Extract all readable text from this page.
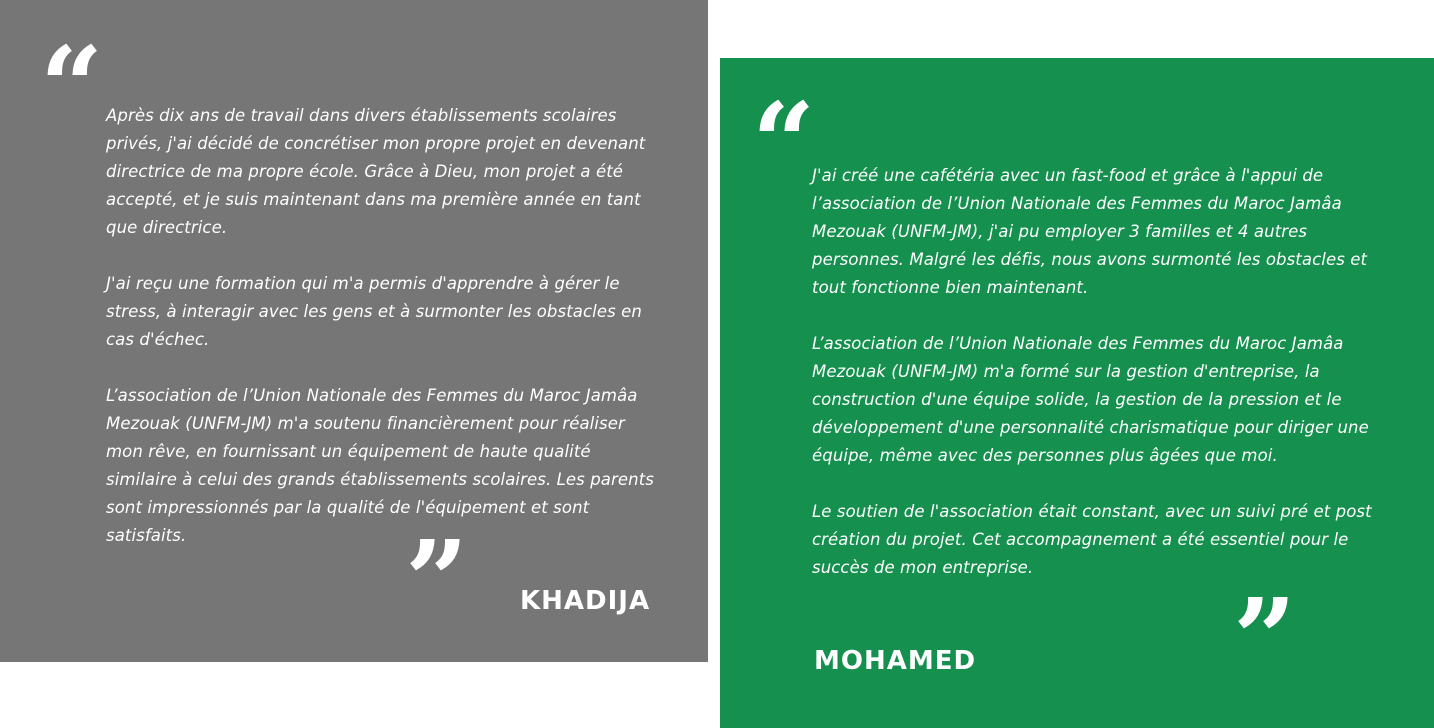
“ Après dix ans de travail dans divers établissements scolaires privés, j'ai décidé de concrétiser mon propre projet en devenant directrice de ma propre école. Grâce à Dieu, mon projet a été accepté, et je suis maintenant dans ma première année en tant que directrice.

J'ai reçu une formation qui m'a permis d'apprendre à gérer le stress, à interagir avec les gens et à surmonter les obstacles en cas d'échec.

L’association de l’Union Nationale des Femmes du Maroc Jamâa Mezouak (UNFM-JM) m'a soutenu financièrement pour réaliser mon rêve, en fournissant un équipement de haute qualité similaire à celui des grands établissements scolaires. Les parents sont impressionnés par la qualité de l'équipement et sont satisfaits.	” KHADIJA
“

J'ai créé une cafétéria avec un fast-food et grâce à l'appui de l’association de l’Union Nationale des Femmes du Maroc Jamâa Mezouak (UNFM-JM), j'ai pu employer 3 familles et 4 autres personnes. Malgré les défis, nous avons surmonté les obstacles et tout fonctionne bien maintenant.

L’association de l’Union Nationale des Femmes du Maroc Jamâa Mezouak (UNFM-JM) m'a formé sur la gestion d'entreprise, la construction d'une équipe solide, la gestion de la pression et le développement d'une personnalité charismatique pour diriger une équipe, même avec des personnes plus âgées que moi.

Le soutien de l'association était constant, avec un suivi pré et post création du projet. Cet accompagnement a été essentiel pour le succès de mon entreprise.

”
MOHAMED
